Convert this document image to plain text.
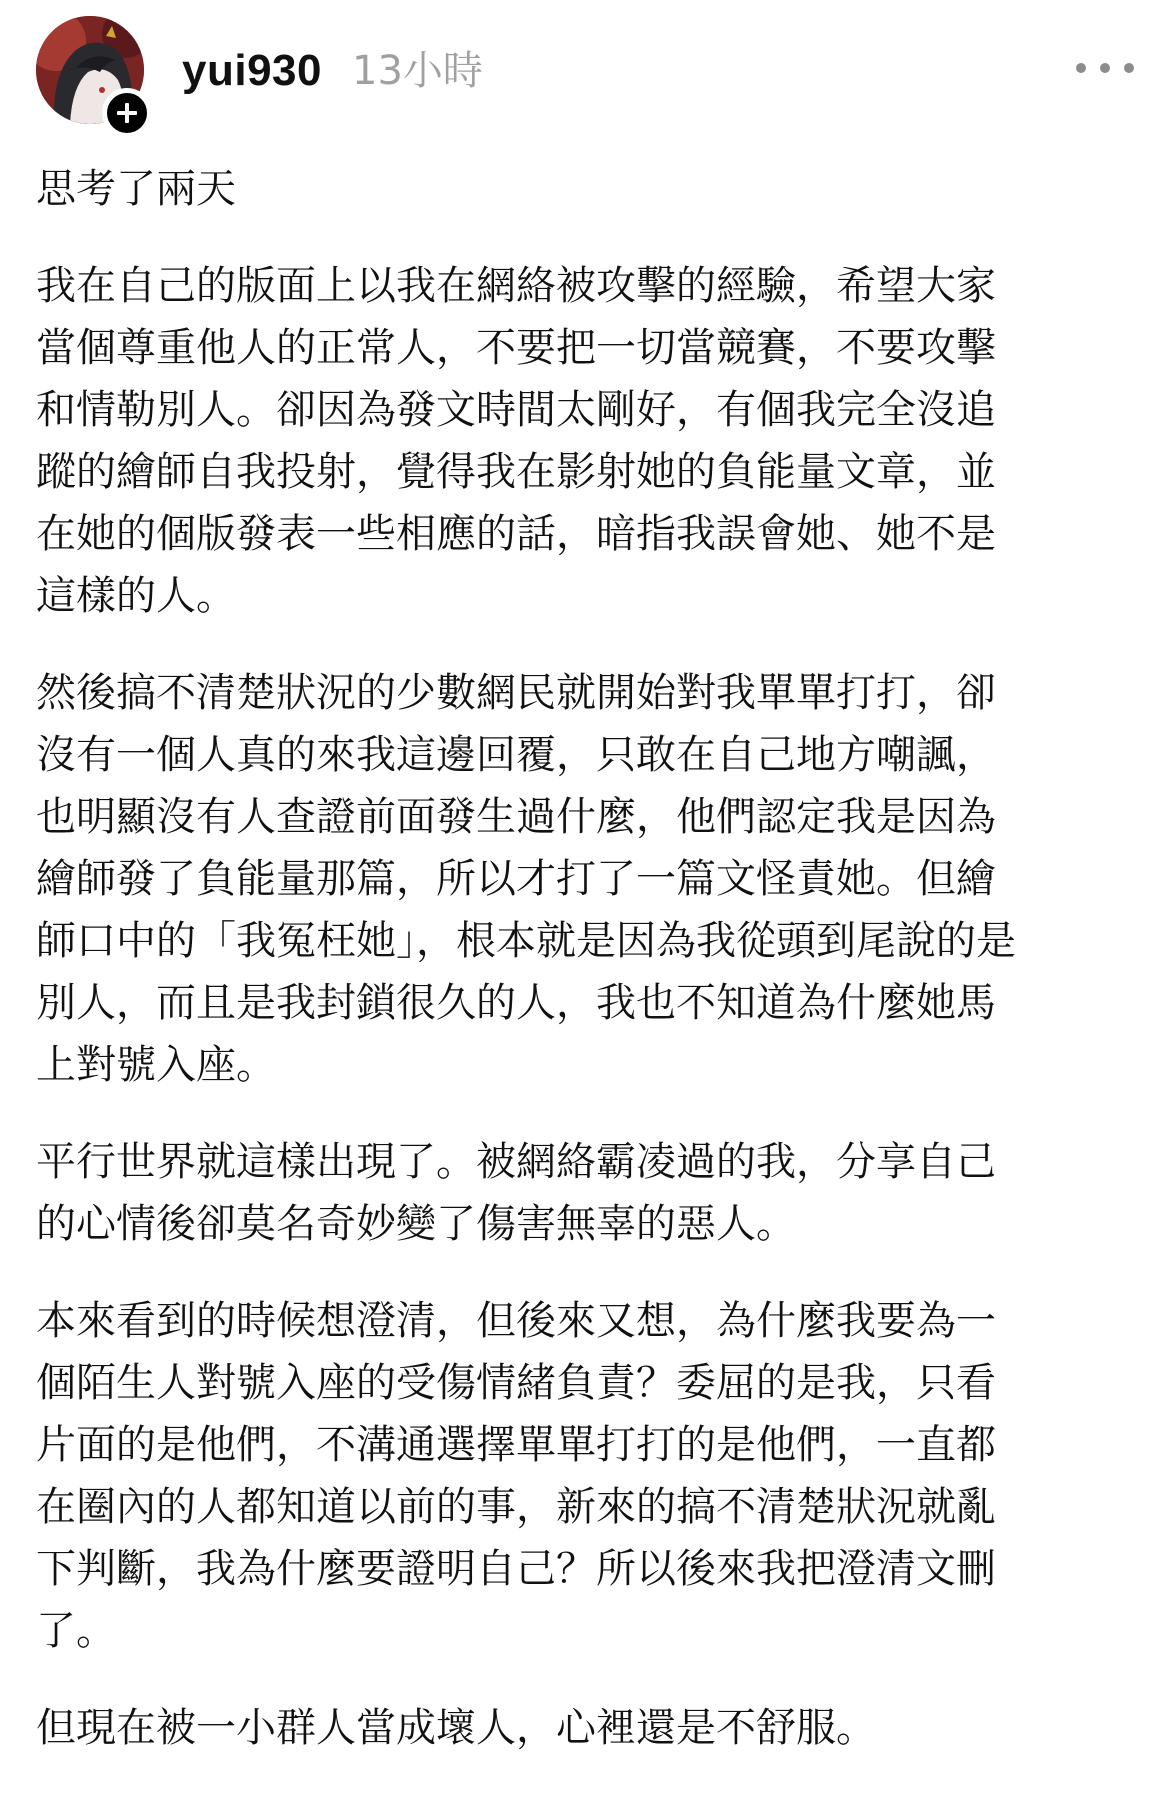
yui930 13小時

思考了兩天

我在自己的版面上以我在網絡被攻擊的經驗，希望大家
當個尊重他人的正常人，不要把一切當競賽，不要攻擊
和情勒別人。卻因為發文時間太剛好，有個我完全沒追
蹤的繪師自我投射，覺得我在影射她的負能量文章，並
在她的個版發表一些相應的話，暗指我誤會她、她不是
這樣的人。

然後搞不清楚狀況的少數網民就開始對我單單打打，卻
沒有一個人真的來我這邊回覆，只敢在自己地方嘲諷，
也明顯沒有人查證前面發生過什麼，他們認定我是因為
繪師發了負能量那篇，所以才打了一篇文怪責她。但繪
師口中的「我冤枉她」，根本就是因為我從頭到尾說的是
別人，而且是我封鎖很久的人，我也不知道為什麼她馬
上對號入座。

平行世界就這樣出現了。被網絡霸凌過的我，分享自己
的心情後卻莫名奇妙變了傷害無辜的惡人。

本來看到的時候想澄清，但後來又想，為什麼我要為一
個陌生人對號入座的受傷情緒負責？委屈的是我，只看
片面的是他們，不溝通選擇單單打打的是他們，一直都
在圈內的人都知道以前的事，新來的搞不清楚狀況就亂
下判斷，我為什麼要證明自己？所以後來我把澄清文刪
了。

但現在被一小群人當成壞人，心裡還是不舒服。
